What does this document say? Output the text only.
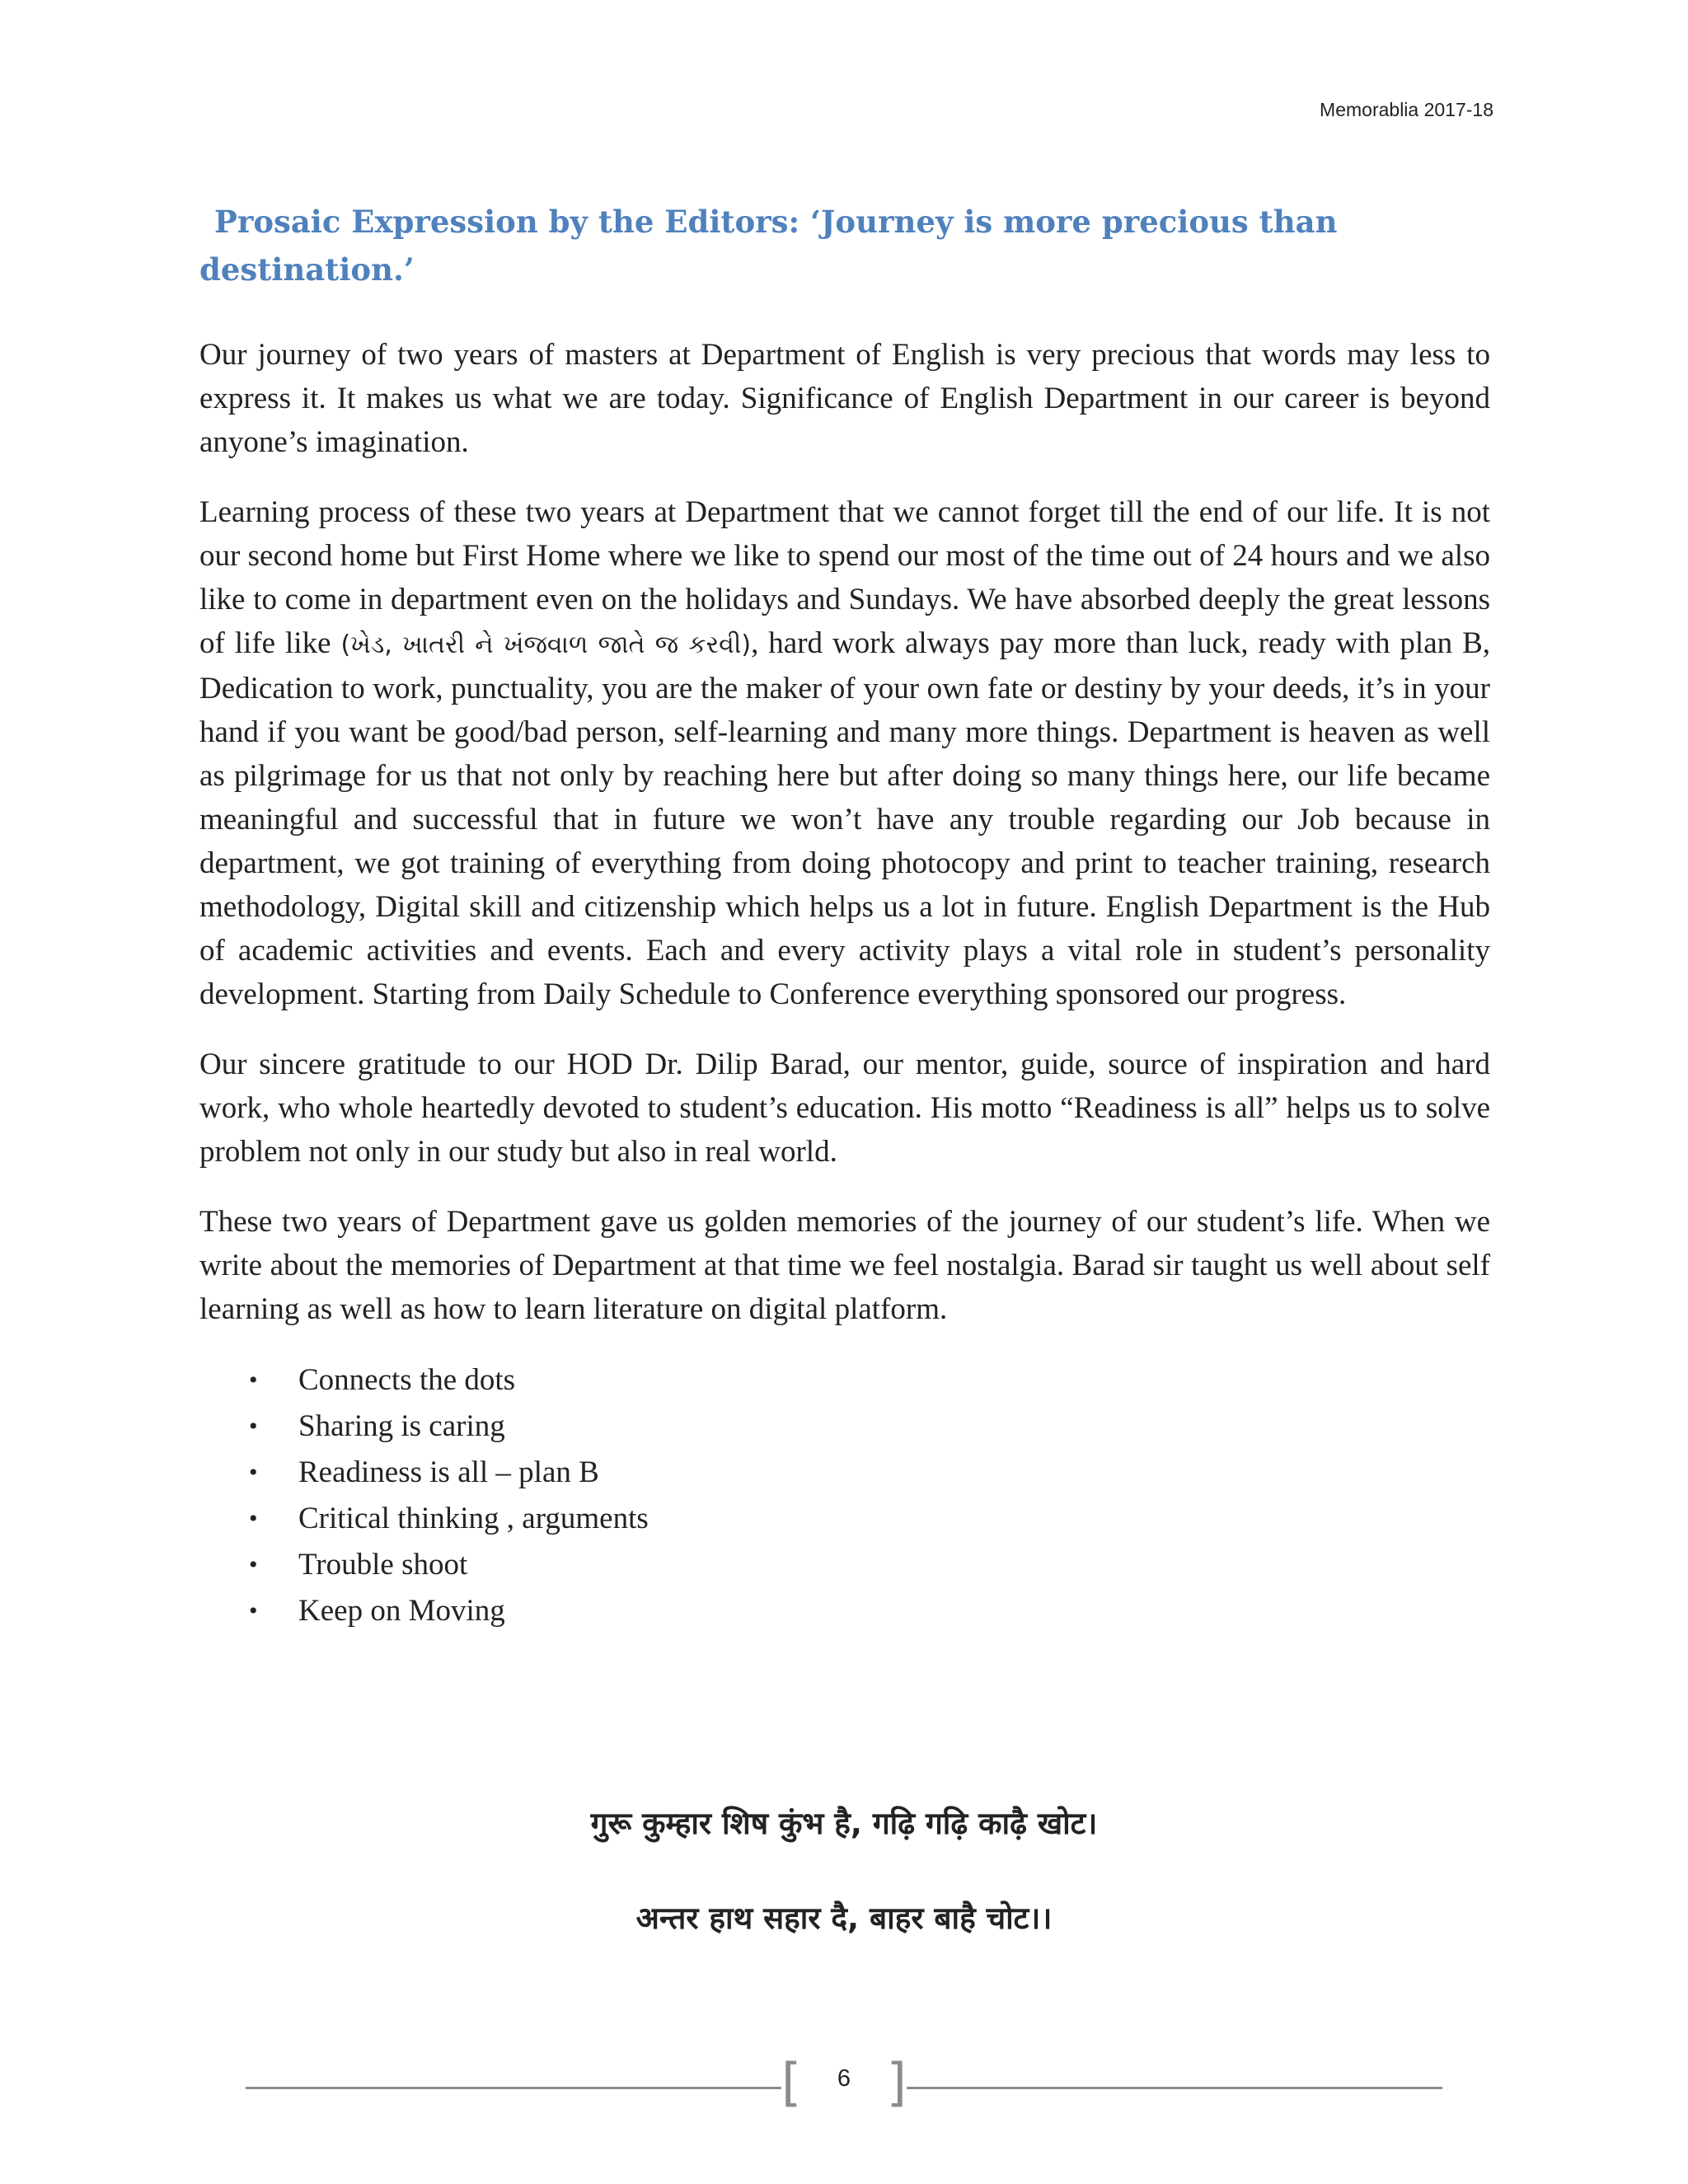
Memorablia 2017-18
Prosaic Expression by the Editors: ‘Journey is more precious than destination.’

Our journey of two years of masters at Department of English is very precious that words may less to express it. It makes us what we are today. Significance of English Department in our career is beyond anyone’s imagination.

Learning process of these two years at Department that we cannot forget till the end of our life. It is not our second home but First Home where we like to spend our most of the time out of 24 hours and we also like to come in department even on the holidays and Sundays. We have absorbed deeply the great lessons of life like (ખેડ, ખાતરી ને ખંજવાળ જાતે જ કરવી), hard work always pay more than luck, ready with plan B, Dedication to work, punctuality, you are the maker of your own fate or destiny by your deeds, it’s in your hand if you want be good/bad person, self-learning and many more things. Department is heaven as well as pilgrimage for us that not only by reaching here but after doing so many things here, our life became meaningful and successful that in future we won’t have any trouble regarding our Job because in department, we got training of everything from doing photocopy and print to teacher training, research methodology, Digital skill and citizenship which helps us a lot in future. English Department is the Hub of academic activities and events. Each and every activity plays a vital role in student’s personality development. Starting from Daily Schedule to Conference everything sponsored our progress.

Our sincere gratitude to our HOD Dr. Dilip Barad, our mentor, guide, source of inspiration and hard work, who whole heartedly devoted to student’s education. His motto “Readiness is all” helps us to solve problem not only in our study but also in real world.

These two years of Department gave us golden memories of the journey of our student’s life. When we write about the memories of Department at that time we feel nostalgia. Barad sir taught us well about self learning as well as how to learn literature on digital platform.

• Connects the dots
• Sharing is caring
• Readiness is all – plan B
• Critical thinking , arguments
• Trouble shoot
• Keep on Moving
गुरू कुम्हार शिष कुंभ है, गढ़ि गढ़ि काढ़ै खोट।
अन्तर हाथ सहार दै, बाहर बाहै चोट।।
[	6 ]
